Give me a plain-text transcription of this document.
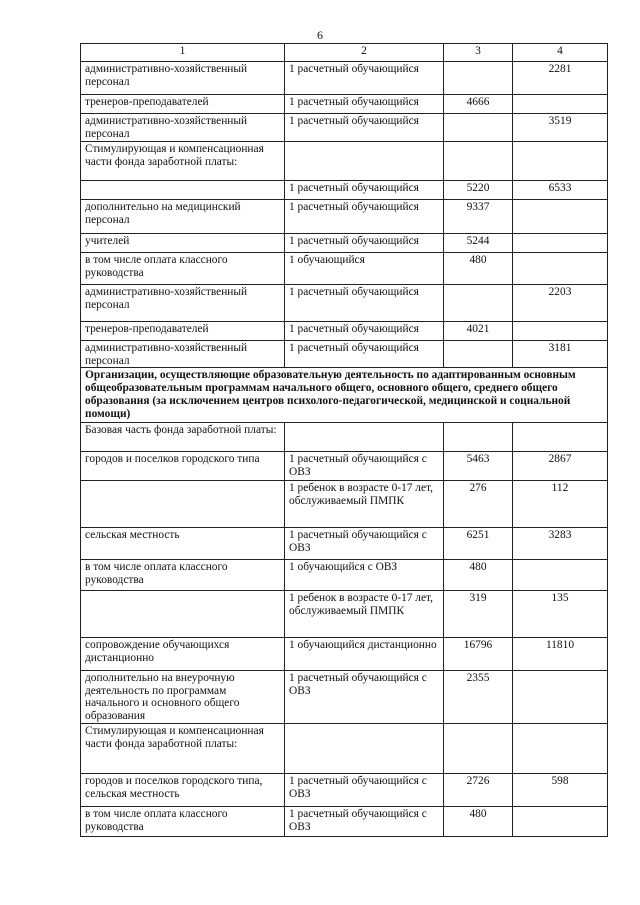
6
1	2	3	4
административно-хозяйственный персонал	1 расчетный обучающийся		2281
тренеров-преподавателей	1 расчетный обучающийся	4666	
административно-хозяйственный персонал	1 расчетный обучающийся		3519
Стимулирующая и компенсационная части фонда заработной платы:			
	1 расчетный обучающийся	5220	6533
дополнительно на медицинский персонал	1 расчетный обучающийся	9337	
учителей	1 расчетный обучающийся	5244	
в том числе оплата классного руководства	1 обучающийся	480	
административно-хозяйственный персонал	1 расчетный обучающийся		2203
тренеров-преподавателей	1 расчетный обучающийся	4021	
административно-хозяйственный персонал	1 расчетный обучающийся		3181
Организации, осуществляющие образовательную деятельность по адаптированным основным общеобразовательным программам начального общего, основного общего, среднего общего образования (за исключением центров психолого-педагогической, медицинской и социальной помощи)			
Базовая часть фонда заработной платы:			
городов и поселков городского типа	1 расчетный обучающийся с ОВЗ	5463	2867
	1 ребенок в возрасте 0-17 лет, обслуживаемый ПМПК	276	112
сельская местность	1 расчетный обучающийся с ОВЗ	6251	3283
в том числе оплата классного руководства	1 обучающийся с ОВЗ	480	
	1 ребенок в возрасте 0-17 лет, обслуживаемый ПМПК	319	135
сопровождение обучающихся дистанционно	1 обучающийся дистанционно	16796	11810
дополнительно на внеурочную деятельность по программам начального и основного общего образования	1 расчетный обучающийся с ОВЗ	2355	
Стимулирующая и компенсационная части фонда заработной платы:			
городов и поселков городского типа, сельская местность	1 расчетный обучающийся с ОВЗ	2726	598
в том числе оплата классного руководства	1 расчетный обучающийся с ОВЗ	480	
